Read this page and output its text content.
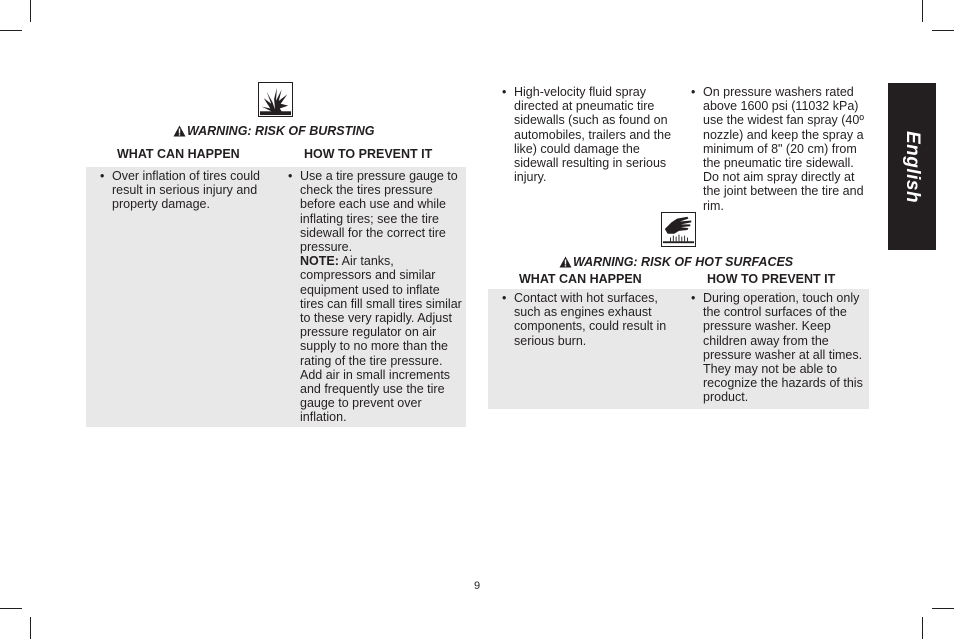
WARNING: RISK OF BURSTING
WHAT CAN HAPPEN	HOW TO PREVENT IT
• Over inflation of tires could result in serious injury and property damage.

• Use a tire pressure gauge to check the tires pressure before each use and while inflating tires; see the tire sidewall for the correct tire pressure.

NOTE: Air tanks, compressors and similar equipment used to inflate tires can fill small tires similar to these very rapidly. Adjust pressure regulator on air supply to no more than the rating of the tire pressure. Add air in small increments and frequently use the tire gauge to prevent over inflation.

• High-velocity fluid spray directed at pneumatic tire sidewalls (such as found on automobiles, trailers and the like) could damage the sidewall resulting in serious injury.

• On pressure washers rated above 1600 psi (11032 kPa) use the widest fan spray (40º nozzle) and keep the spray a minimum of 8" (20 cm) from the pneumatic tire sidewall. Do not aim spray directly at the joint between the tire and rim.

WARNING: RISK OF HOT SURFACES
WHAT CAN HAPPEN	HOW TO PREVENT IT
• Contact with hot surfaces, such as engines exhaust components, could result in serious burn.

• During operation, touch only the control surfaces of the pressure washer. Keep children away from the pressure washer at all times. They may not be able to recognize the hazards of this product.

English
9
